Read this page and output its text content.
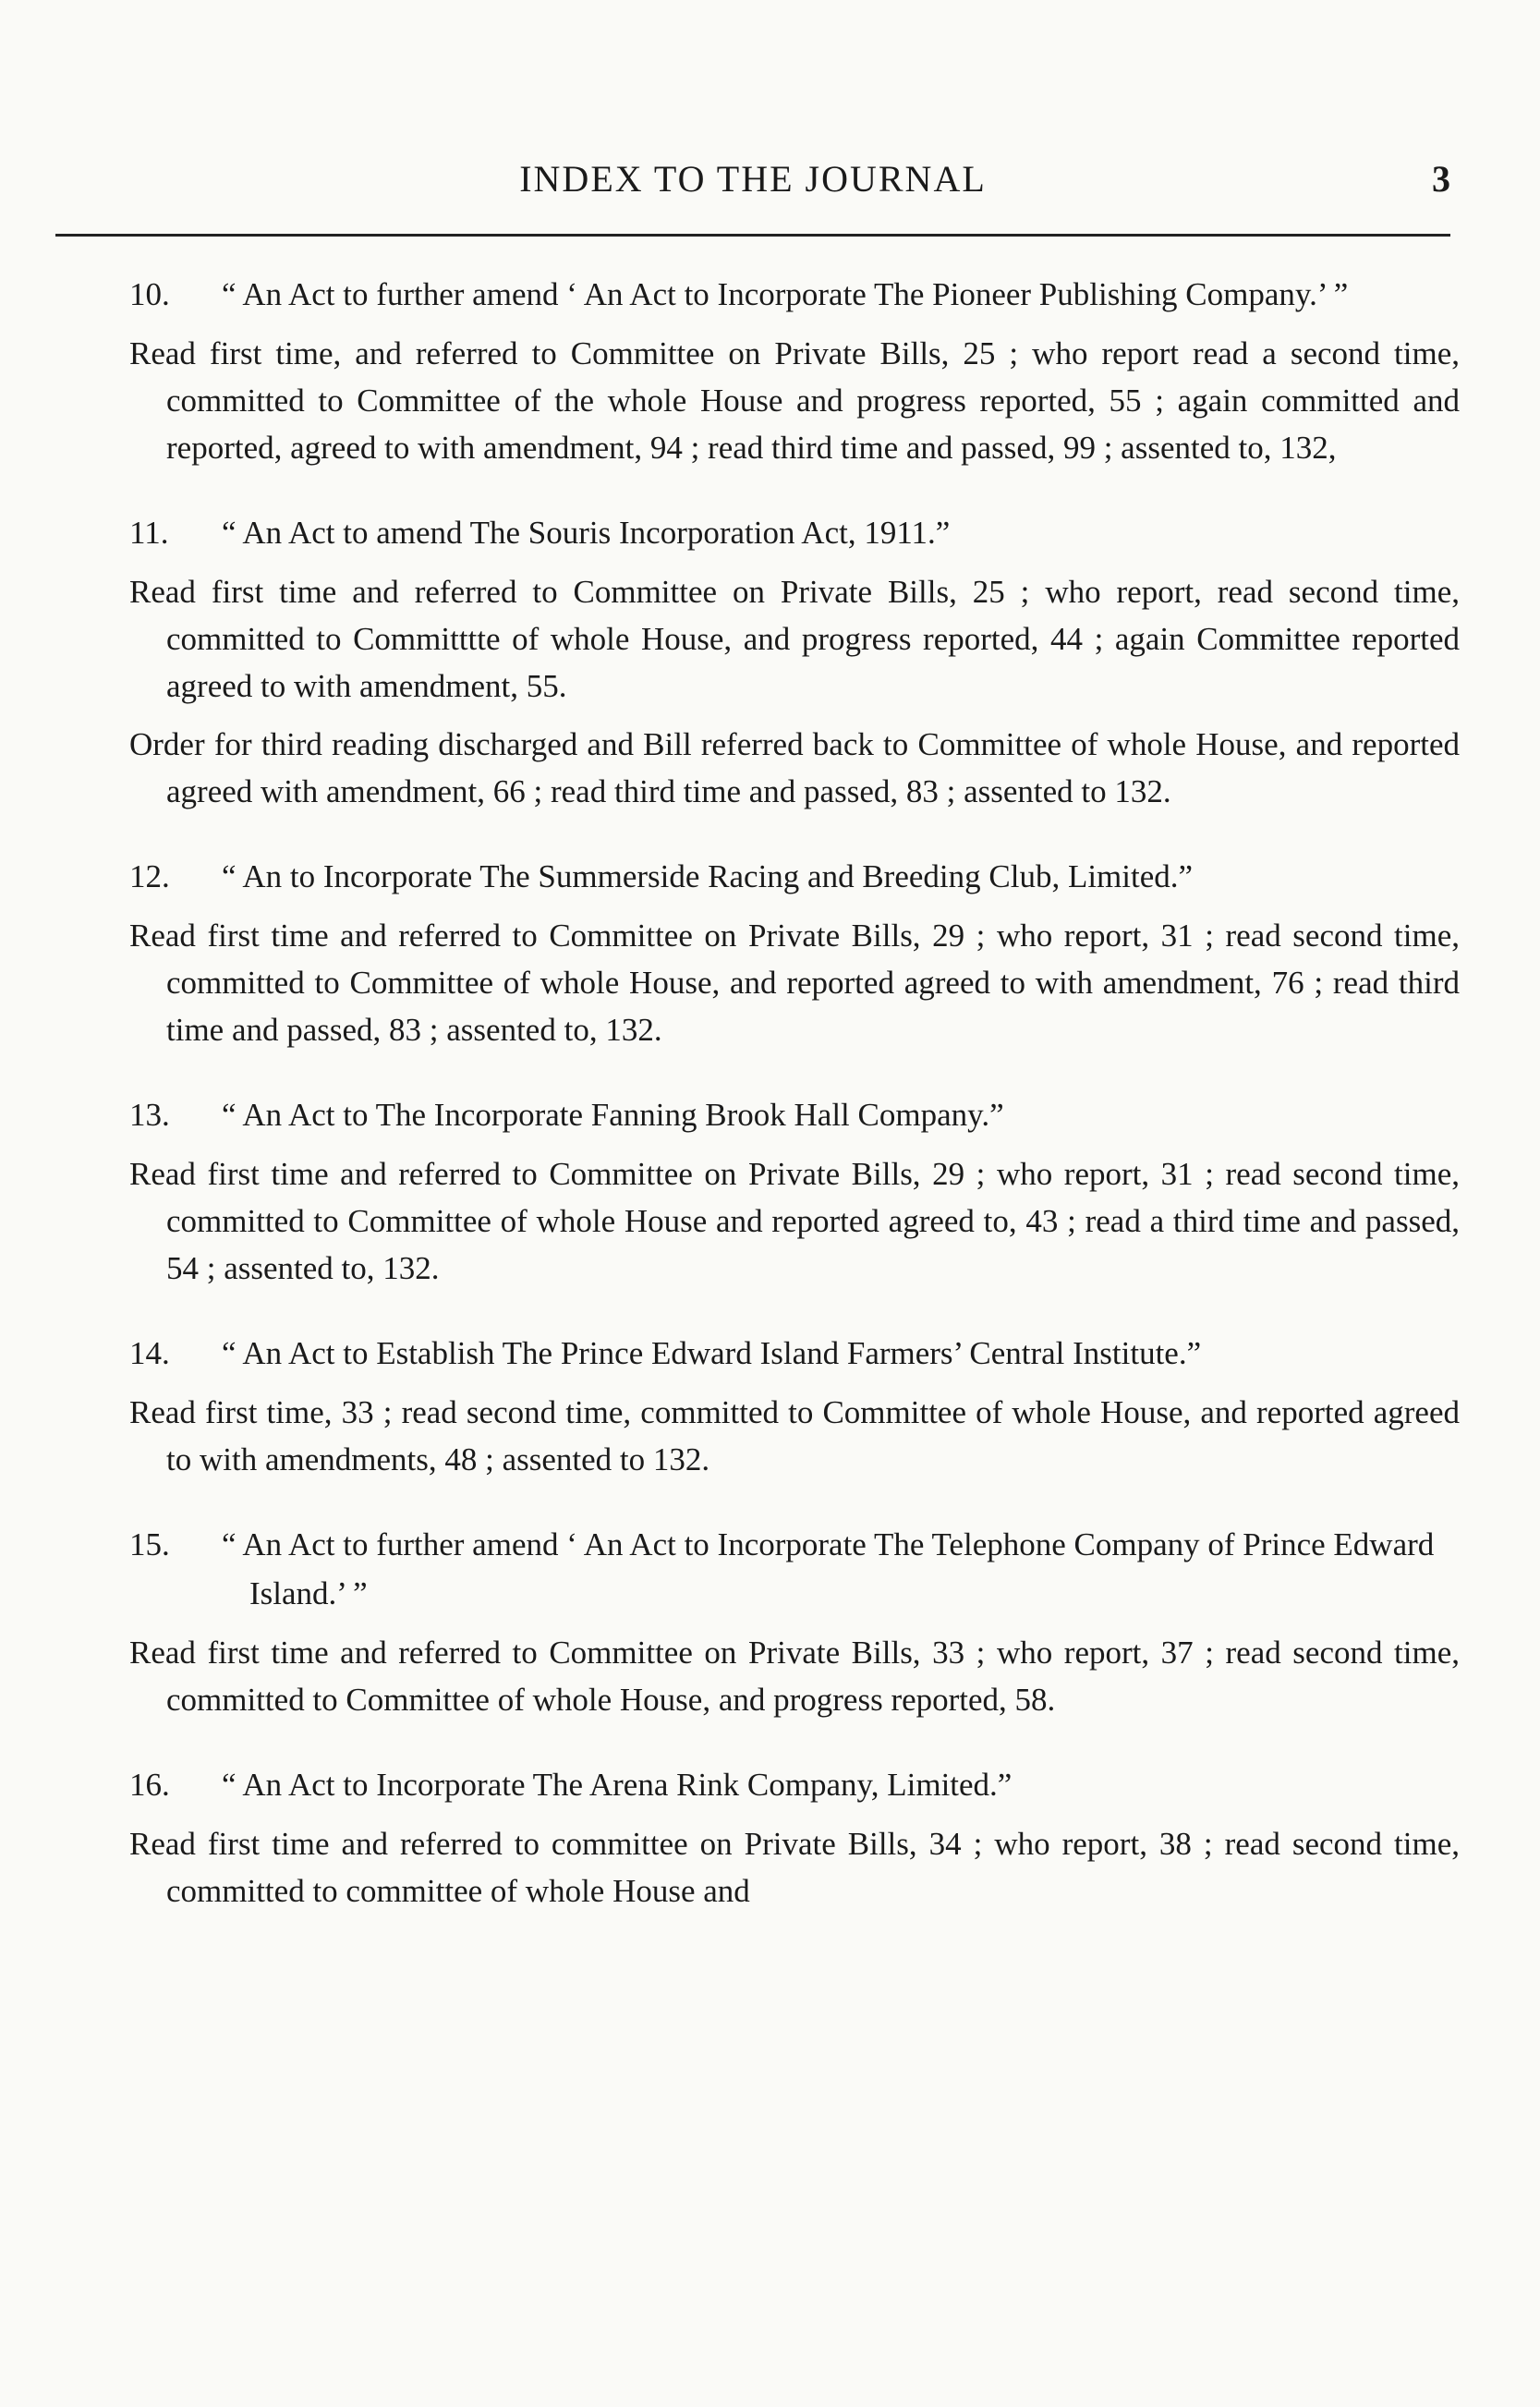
INDEX TO THE JOURNAL	3
10. “ An Act to further amend ‘ An Act to Incorporate The Pioneer Publishing Company.’ ”
Read first time, and referred to Committee on Private Bills, 25 ; who report read a second time, committed to Committee of the whole House and progress reported, 55 ; again committed and reported, agreed to with amendment, 94 ; read third time and passed, 99 ; assented to, 132,
11. “ An Act to amend The Souris Incorporation Act, 1911.”
Read first time and referred to Committee on Private Bills, 25 ; who report, read second time, committed to Committtte of whole House, and progress reported, 44 ; again Committee reported agreed to with amendment, 55.
Order for third reading discharged and Bill referred back to Committee of whole House, and reported agreed with amendment, 66 ; read third time and passed, 83 ; assented to 132.
12. “ An to Incorporate The Summerside Racing and Breeding Club, Limited.”
Read first time and referred to Committee on Private Bills, 29 ; who report, 31 ; read second time, committed to Committee of whole House, and reported agreed to with amendment, 76 ; read third time and passed, 83 ; assented to, 132.
13. “ An Act to The Incorporate Fanning Brook Hall Company.”
Read first time and referred to Committee on Private Bills, 29 ; who report, 31 ; read second time, committed to Committee of whole House and reported agreed to, 43 ; read a third time and passed, 54 ; assented to, 132.
14. “ An Act to Establish The Prince Edward Island Farmers’ Central Institute.”
Read first time, 33 ; read second time, committed to Committee of whole House, and reported agreed to with amendments, 48 ; assented to 132.
15. “ An Act to further amend ‘ An Act to Incorporate The Telephone Company of Prince Edward Island.’ ”
Read first time and referred to Committee on Private Bills, 33 ; who report, 37 ; read second time, committed to Committee of whole House, and progress reported, 58.
16. “ An Act to Incorporate The Arena Rink Company, Limited.”
Read first time and referred to committee on Private Bills, 34 ; who report, 38 ; read second time, committed to committee of whole House and
